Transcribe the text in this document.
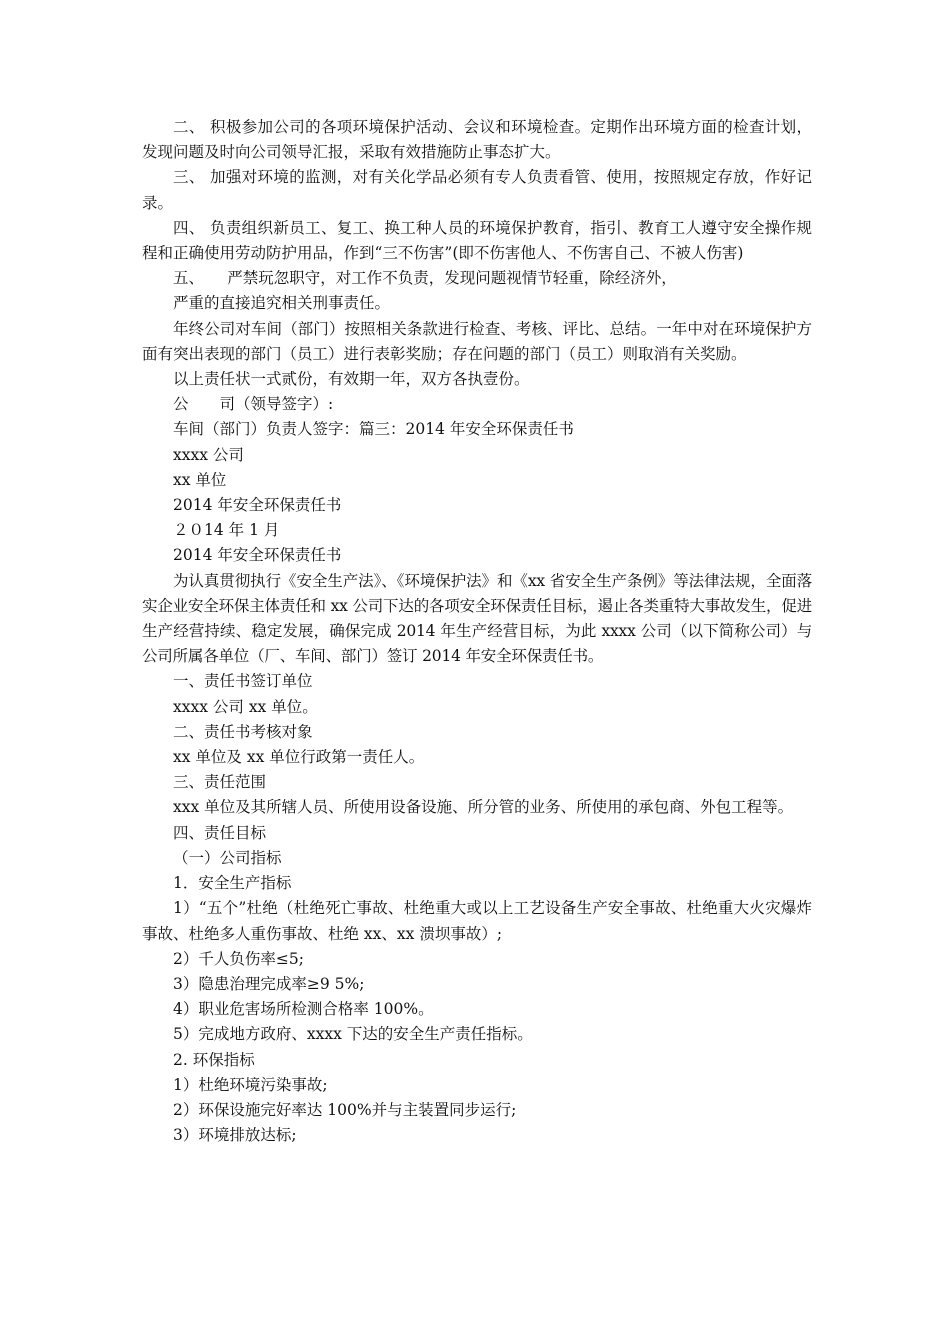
二、 积极参加公司的各项环境保护活动、会议和环境检查。定期作出环境方面的检查计划，发现问题及时向公司领导汇报，采取有效措施防止事态扩大。

三、 加强对环境的监测，对有关化学品必须有专人负责看管、使用，按照规定存放，作好记录。

四、 负责组织新员工、复工、换工种人员的环境保护教育，指引、教育工人遵守安全操作规程和正确使用劳动防护用品，作到“三不伤害”(即不伤害他人、不伤害自己、不被人伤害)

五、　　严禁玩忽职守，对工作不负责，发现问题视情节轻重，除经济外，

严重的直接追究相关刑事责任。

年终公司对车间（部门）按照相关条款进行检查、考核、评比、总结。一年中对在环境保护方面有突出表现的部门（员工）进行表彰奖励；存在问题的部门（员工）则取消有关奖励。

以上责任状一式贰份，有效期一年，双方各执壹份。

公　　司（领导签字）:

车间（部门）负责人签字：篇三：2014 年安全环保责任书

xxxx 公司

xx 单位

2014 年安全环保责任书

２０14 年 1 月

2014 年安全环保责任书

为认真贯彻执行《安全生产法》、《环境保护法》和《xx 省安全生产条例》等法律法规，全面落实企业安全环保主体责任和 xx 公司下达的各项安全环保责任目标，遏止各类重特大事故发生，促进生产经营持续、稳定发展，确保完成 2014 年生产经营目标，为此 xxxx 公司（以下简称公司）与公司所属各单位（厂、车间、部门）签订 2014 年安全环保责任书。

一、责任书签订单位

xxxx 公司 xx 单位。

二、责任书考核对象

xx 单位及 xx 单位行政第一责任人。

三、责任范围

xxx 单位及其所辖人员、所使用设备设施、所分管的业务、所使用的承包商、外包工程等。

四、责任目标

（一）公司指标

1．安全生产指标

1）“五个”杜绝（杜绝死亡事故、杜绝重大或以上工艺设备生产安全事故、杜绝重大火灾爆炸事故、杜绝多人重伤事故、杜绝 xx、xx 溃坝事故）;

2）千人负伤率≤5;

3）隐患治理完成率≥9 5%;

4）职业危害场所检测合格率 100%。

5）完成地方政府、xxxx 下达的安全生产责任指标。

2. 环保指标

1）杜绝环境污染事故;

2）环保设施完好率达 100%并与主装置同步运行;

3）环境排放达标;
